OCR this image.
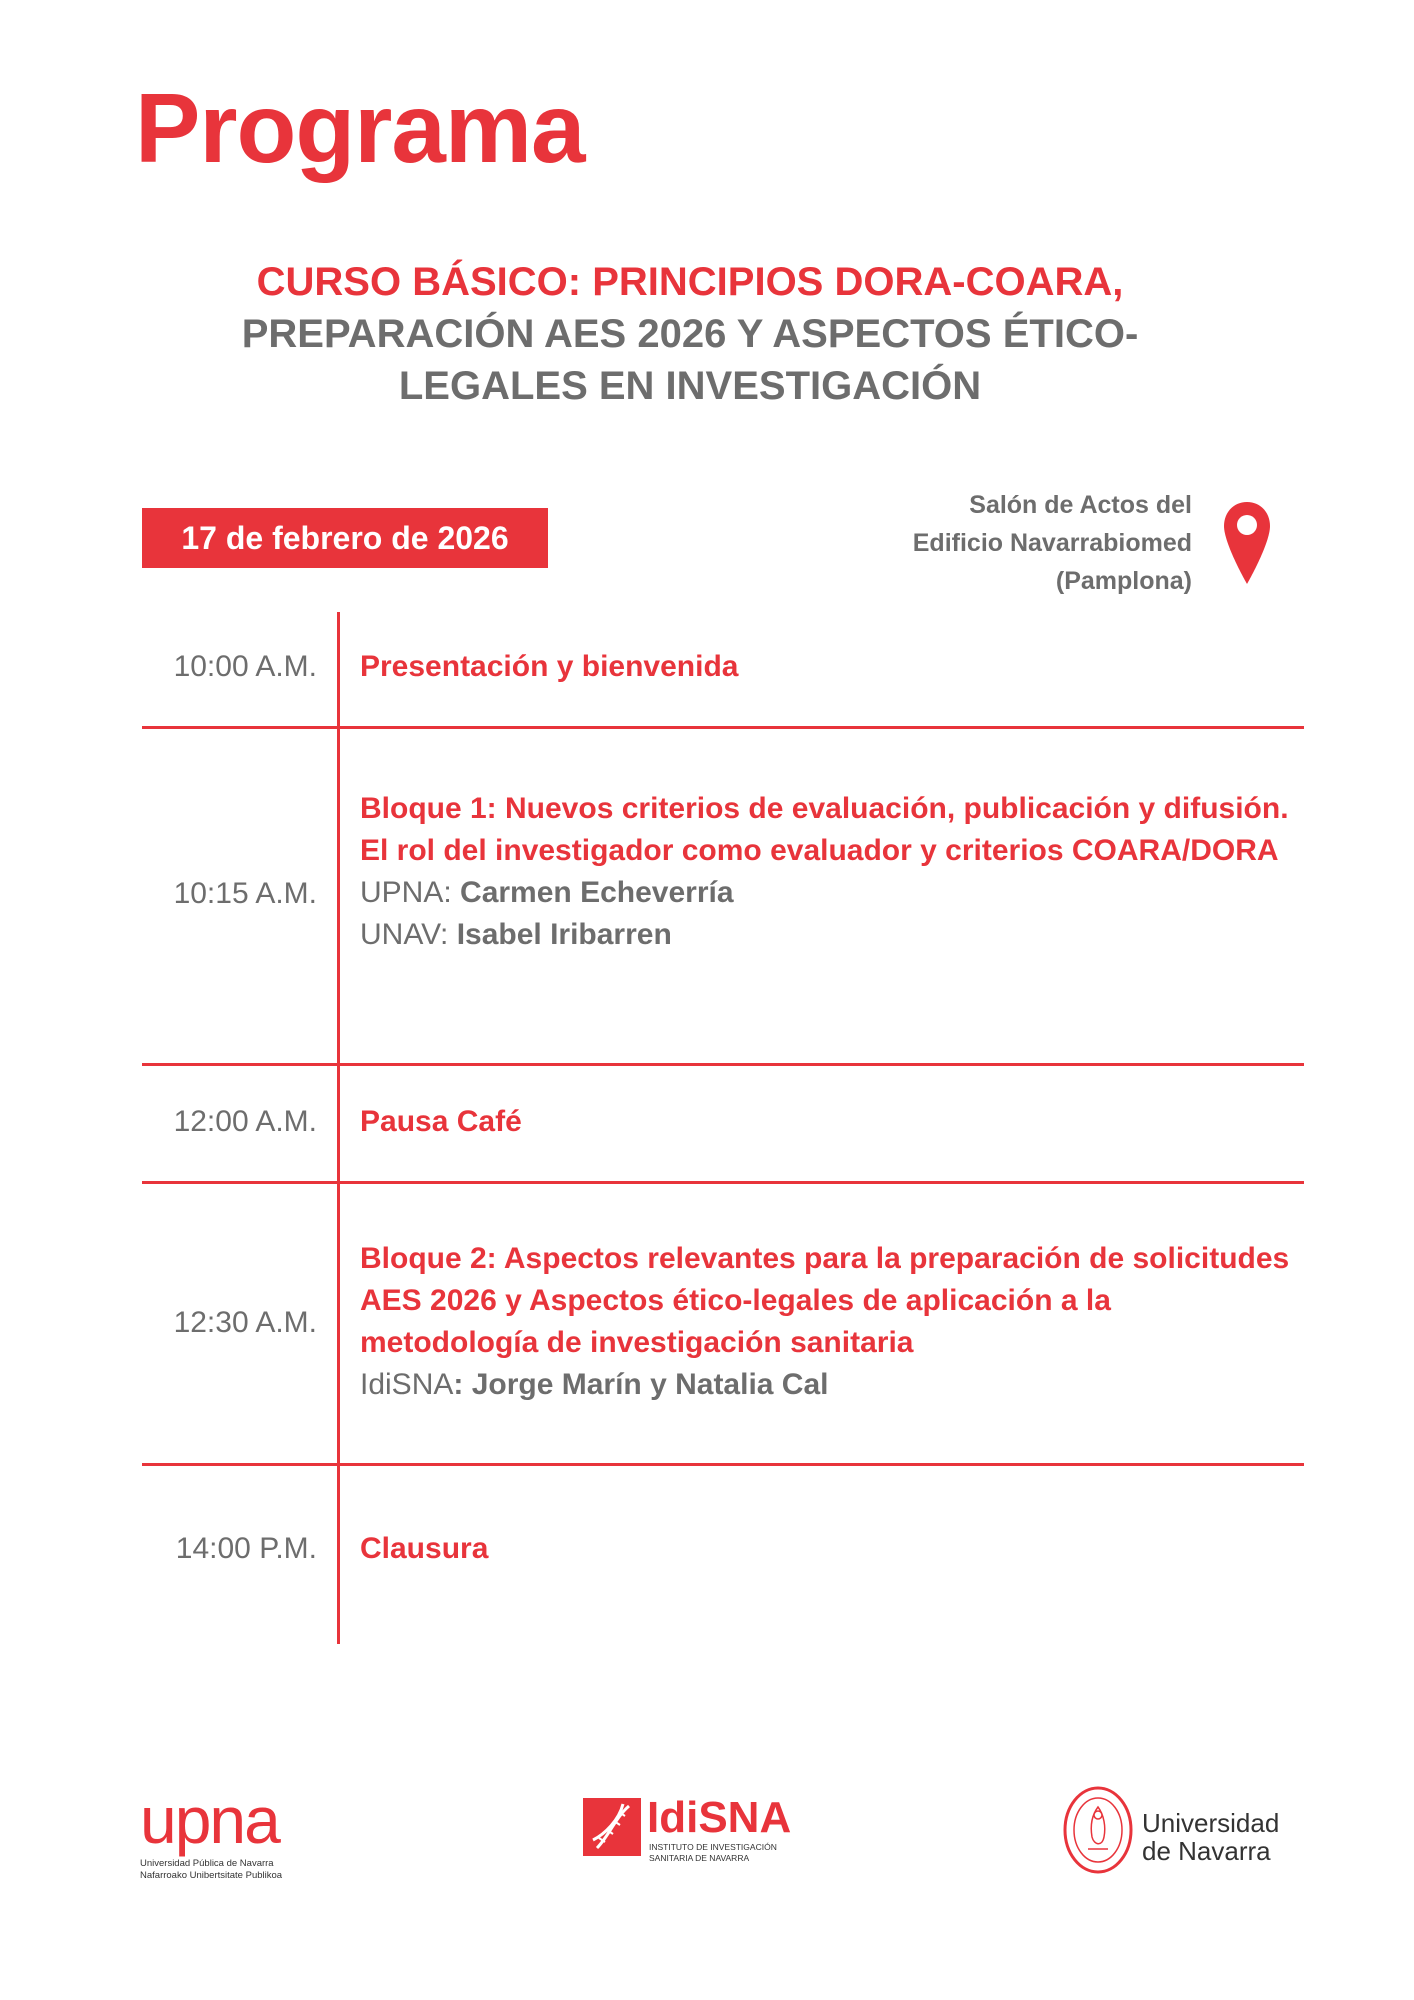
Programa
CURSO BÁSICO: PRINCIPIOS DORA-COARA,
PREPARACIÓN AES 2026 Y ASPECTOS ÉTICO-
LEGALES EN INVESTIGACIÓN
17 de febrero de 2026
Salón de Actos del
Edificio Navarrabiomed
(Pamplona)
10:00 A.M. Presentación y bienvenida
10:15 A.M.
Bloque 1: Nuevos criterios de evaluación, publicación y difusión. El rol del investigador como evaluador y criterios COARA/DORA
UPNA: Carmen Echeverría
UNAV: Isabel Iribarren
12:00 A.M. Pausa Café
12:30 A.M.
Bloque 2: Aspectos relevantes para la preparación de solicitudes AES 2026 y Aspectos ético-legales de aplicación a la metodología de investigación sanitaria
IdiSNA: Jorge Marín y Natalia Cal
14:00 P.M. Clausura
upna
Universidad Pública de Navarra
Nafarroako Unibertsitate Publikoa
IdiSNA
INSTITUTO DE INVESTIGACIÓN
SANITARIA DE NAVARRA
Universidad
de Navarra
